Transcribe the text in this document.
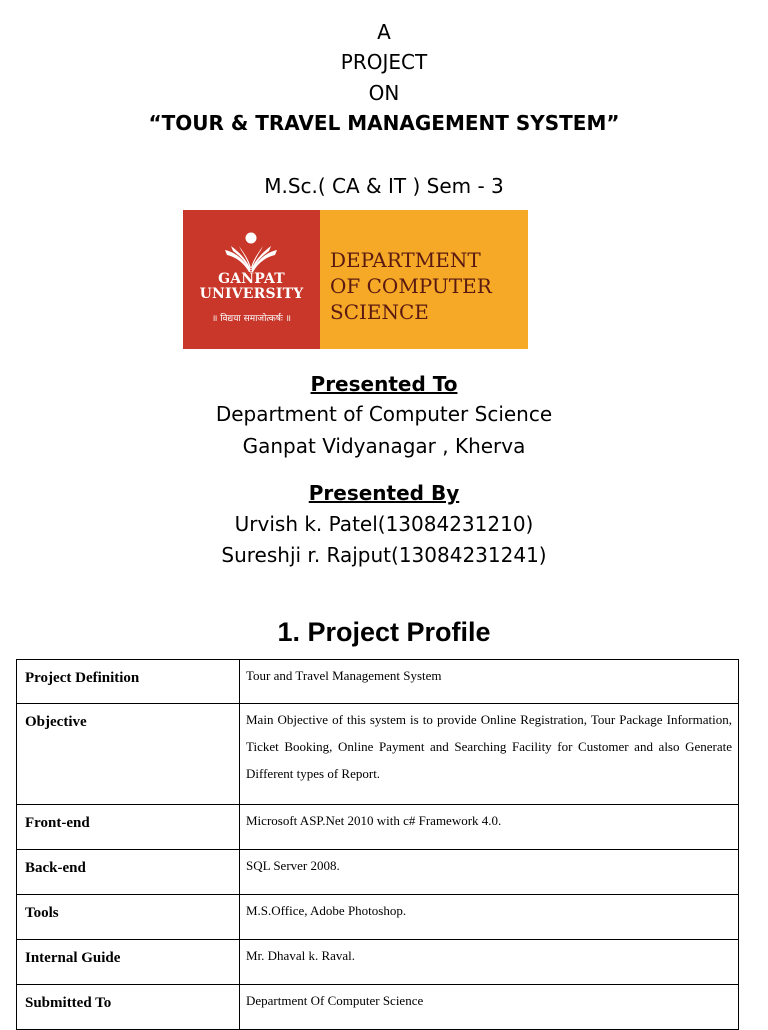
A
PROJECT
ON
“TOUR & TRAVEL MANAGEMENT SYSTEM”
M.Sc.( CA & IT ) Sem - 3
GANPAT
UNIVERSITY
॥ विद्यया समाजोत्कर्षः ॥
DEPARTMENT
OF COMPUTER
SCIENCE
Presented To
Department of Computer Science
Ganpat Vidyanagar , Kherva
Presented By
Urvish k. Patel(13084231210)
Sureshji r. Rajput(13084231241)
1. Project Profile
Project Definition	Tour and Travel Management System

Objective	Main Objective of this system is to provide Online Registration, Tour Package Information, Ticket Booking, Online Payment and Searching Facility for Customer and also Generate Different types of Report.

Front-end	Microsoft ASP.Net 2010 with c# Framework 4.0.

Back-end	SQL Server 2008.

Tools	M.S.Office, Adobe Photoshop.

Internal Guide	Mr. Dhaval k. Raval.

Submitted To	Department Of Computer Science
